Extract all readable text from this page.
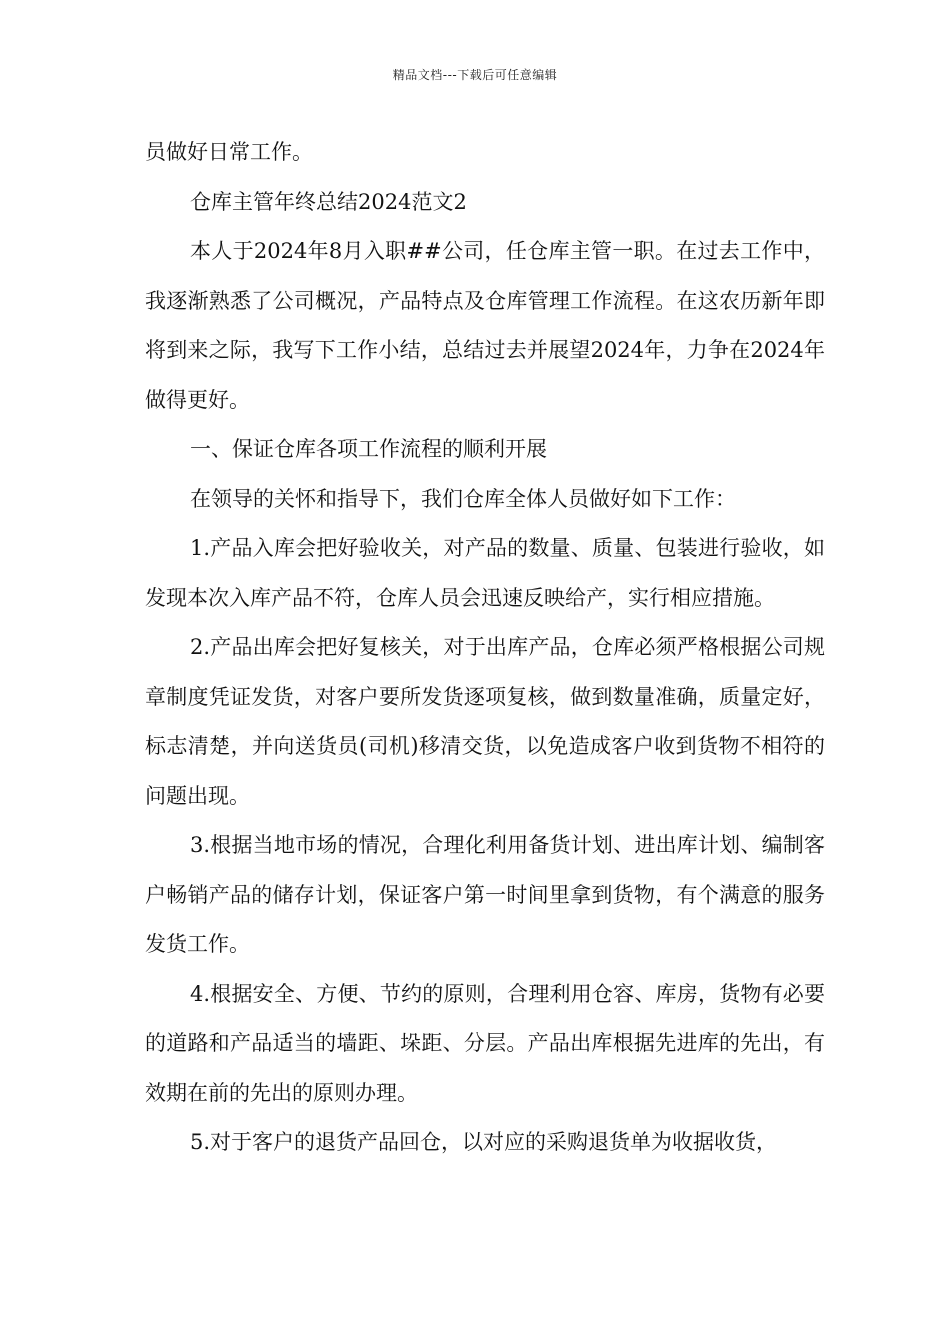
精品文档---下载后可任意编辑

员做好日常工作。

仓库主管年终总结2024范文2

本人于2024年8月入职##公司，任仓库主管一职。在过去工作中，我逐渐熟悉了公司概况，产品特点及仓库管理工作流程。在这农历新年即将到来之际，我写下工作小结，总结过去并展望2024年，力争在2024年做得更好。

一、保证仓库各项工作流程的顺利开展

在领导的关怀和指导下，我们仓库全体人员做好如下工作：

1.产品入库会把好验收关，对产品的数量、质量、包装进行验收，如发现本次入库产品不符，仓库人员会迅速反映给产，实行相应措施。

2.产品出库会把好复核关，对于出库产品，仓库必须严格根据公司规章制度凭证发货，对客户要所发货逐项复核，做到数量准确，质量定好，标志清楚，并向送货员(司机)移清交货，以免造成客户收到货物不相符的问题出现。

3.根据当地市场的情况，合理化利用备货计划、进出库计划、编制客户畅销产品的储存计划，保证客户第一时间里拿到货物，有个满意的服务发货工作。

4.根据安全、方便、节约的原则，合理利用仓容、库房，货物有必要的道路和产品适当的墙距、垛距、分层。产品出库根据先进库的先出，有效期在前的先出的原则办理。

5.对于客户的退货产品回仓，以对应的采购退货单为收据收货，
